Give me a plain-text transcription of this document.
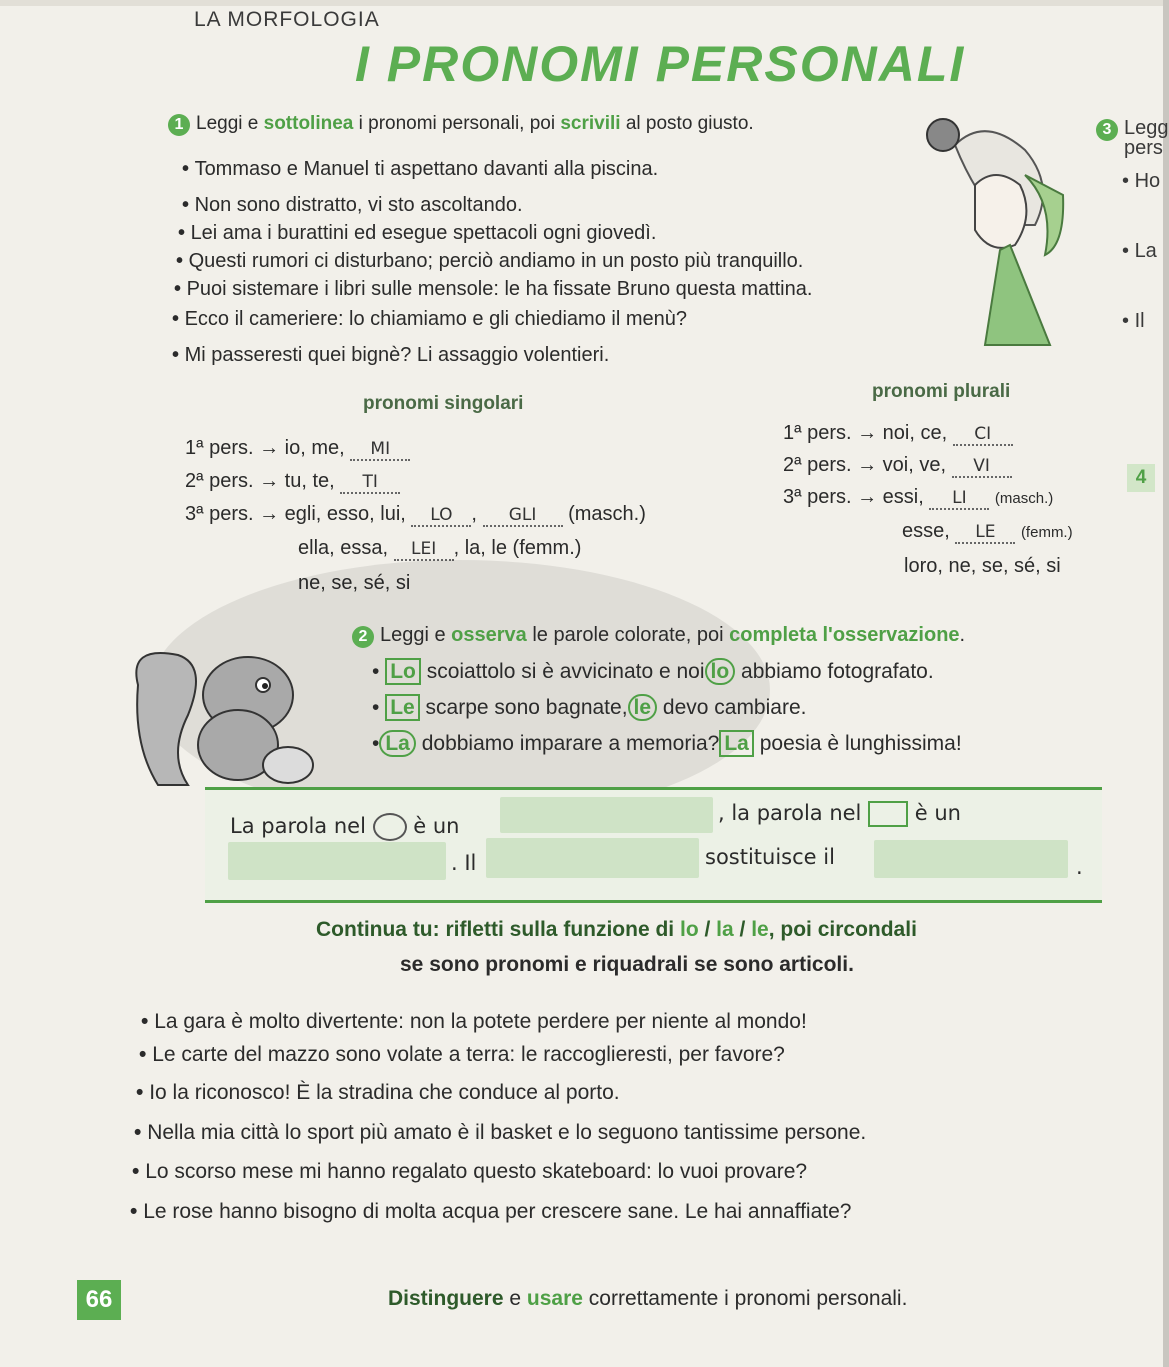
LA MORFOLOGIA
I PRONOMI PERSONALI
1 Leggi e sottolinea i pronomi personali, poi scrivili al posto giusto.
• Tommaso e Manuel ti aspettano davanti alla piscina.
• Non sono distratto, vi sto ascoltando.
• Lei ama i burattini ed esegue spettacoli ogni giovedì.
• Questi rumori ci disturbano; perciò andiamo in un posto più tranquillo.
• Puoi sistemare i libri sulle mensole: le ha fissate Bruno questa mattina.
• Ecco il cameriere: lo chiamiamo e gli chiediamo il menù?
• Mi passeresti quei bignè? Li assaggio volentieri.
pronomi singolari
pronomi plurali
1ª pers. → io, me, MI
2ª pers. → tu, te, TI
3ª pers. → egli, esso, lui, LO , GLI (masch.)
ella, essa, LEI , la, le (femm.)
ne, se, sé, si
1ª pers. → noi, ce, CI
2ª pers. → voi, ve, VI
3ª pers. → essi, LI (masch.)
esse, LE (femm.)
loro, ne, se, sé, si
2 Leggi e osserva le parole colorate, poi completa l'osservazione.
• Lo scoiattolo si è avvicinato e noi lo abbiamo fotografato.
• Le scarpe sono bagnate, le devo cambiare.
• La dobbiamo imparare a memoria? La poesia è lunghissima!
La parola nel è un
, la parola nel	è un
. Il	sostituisce il	.
Continua tu: rifletti sulla funzione di lo / la / le, poi circondali
se sono pronomi e riquadrali se sono articoli.
• La gara è molto divertente: non la potete perdere per niente al mondo!
• Le carte del mazzo sono volate a terra: le raccoglieresti, per favore?
• Io la riconosco! È la stradina che conduce al porto.
• Nella mia città lo sport più amato è il basket e lo seguono tantissime persone.
• Lo scorso mese mi hanno regalato questo skateboard: lo vuoi provare?
• Le rose hanno bisogno di molta acqua per crescere sane. Le hai annaffiate?
3 Legg
pers
• Ho
• La
• Il
4
66	Distinguere e usare correttamente i pronomi personali.
